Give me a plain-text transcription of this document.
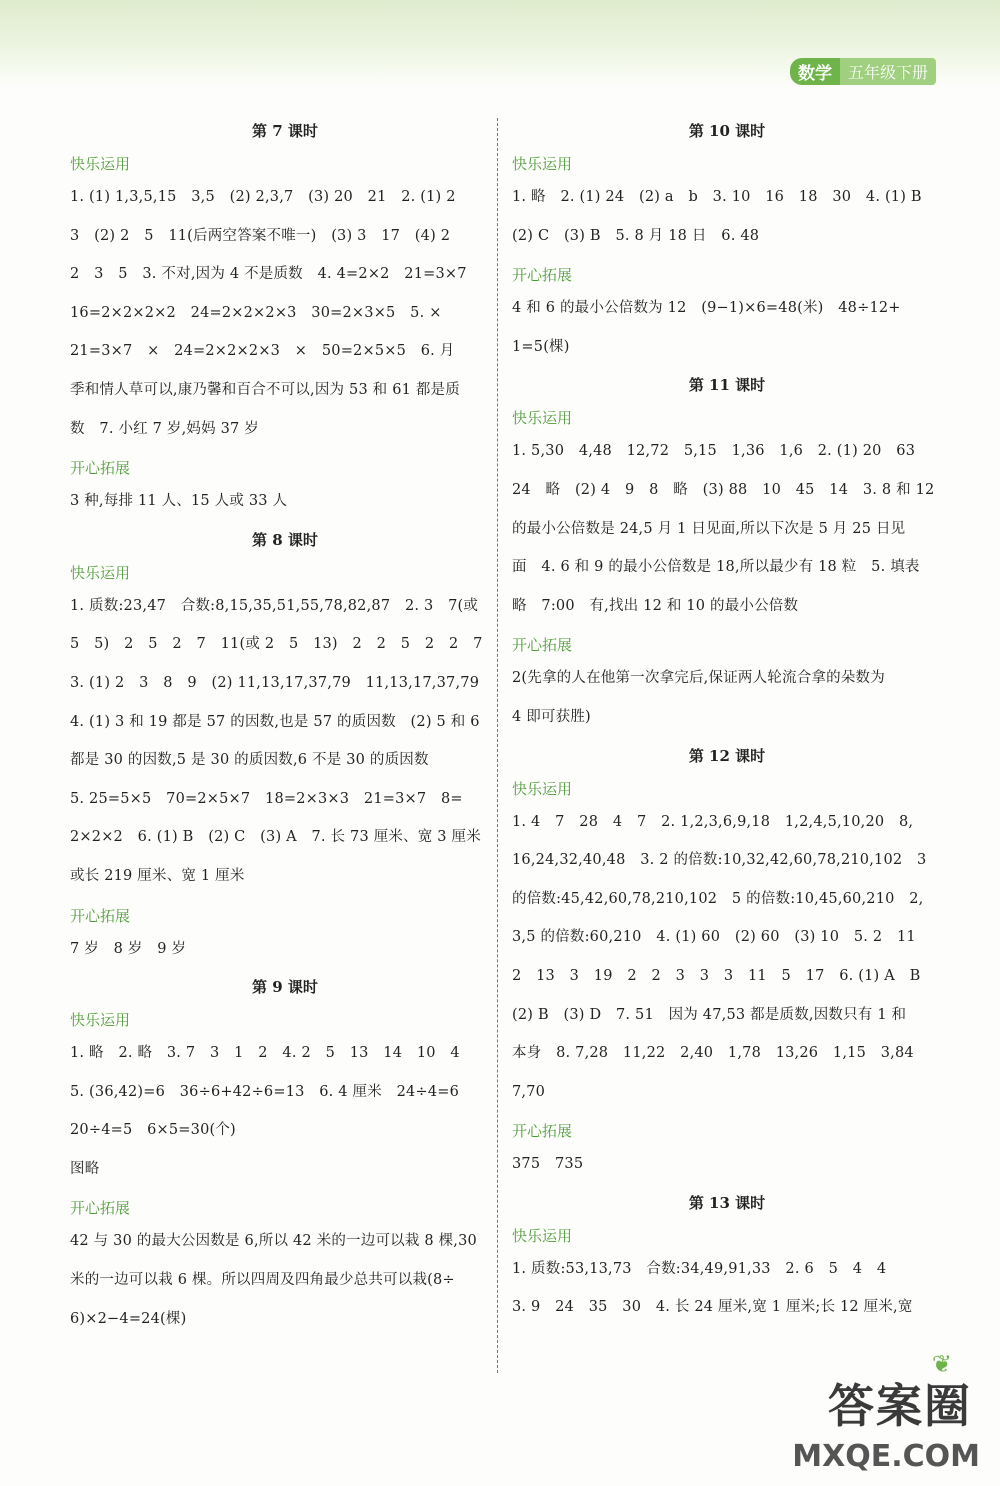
数学	五年级下册
第 7 课时
快乐运用
1. (1) 1,3,5,15　3,5　(2) 2,3,7　(3) 20　21　2. (1) 2
3　(2) 2　5　11(后两空答案不唯一)　(3) 3　17　(4) 2
2　3　5　3. 不对,因为 4 不是质数　4. 4=2×2　21=3×7
16=2×2×2×2　24=2×2×2×3　30=2×3×5　5. ×
21=3×7　×　24=2×2×2×3　×　50=2×5×5　6. 月
季和情人草可以,康乃馨和百合不可以,因为 53 和 61 都是质
数　7. 小红 7 岁,妈妈 37 岁
开心拓展
3 种,每排 11 人、15 人或 33 人
第 8 课时
快乐运用
1. 质数:23,47　合数:8,15,35,51,55,78,82,87　2. 3　7(或
5　5)　2　5　2　7　11(或 2　5　13)　2　2　5　2　2　7
3. (1) 2　3　8　9　(2) 11,13,17,37,79　11,13,17,37,79
4. (1) 3 和 19 都是 57 的因数,也是 57 的质因数　(2) 5 和 6
都是 30 的因数,5 是 30 的质因数,6 不是 30 的质因数
5. 25=5×5　70=2×5×7　18=2×3×3　21=3×7　8=
2×2×2　6. (1) B　(2) C　(3) A　7. 长 73 厘米、宽 3 厘米
或长 219 厘米、宽 1 厘米
开心拓展
7 岁　8 岁　9 岁
第 9 课时
快乐运用
1. 略　2. 略　3. 7　3　1　2　4. 2　5　13　14　10　4
5. (36,42)=6　36÷6+42÷6=13　6. 4 厘米　24÷4=6
20÷4=5　6×5=30(个)
图略
开心拓展
42 与 30 的最大公因数是 6,所以 42 米的一边可以栽 8 棵,30
米的一边可以栽 6 棵。所以四周及四角最少总共可以栽(8÷
6)×2−4=24(棵)
第 10 课时
快乐运用
1. 略　2. (1) 24　(2) a　b　3. 10　16　18　30　4. (1) B
(2) C　(3) B　5. 8 月 18 日　6. 48
开心拓展
4 和 6 的最小公倍数为 12　(9−1)×6=48(米)　48÷12+
1=5(棵)
第 11 课时
快乐运用
1. 5,30　4,48　12,72　5,15　1,36　1,6　2. (1) 20　63
24　略　(2) 4　9　8　略　(3) 88　10　45　14　3. 8 和 12
的最小公倍数是 24,5 月 1 日见面,所以下次是 5 月 25 日见
面　4. 6 和 9 的最小公倍数是 18,所以最少有 18 粒　5. 填表
略　7:00　有,找出 12 和 10 的最小公倍数
开心拓展
2(先拿的人在他第一次拿完后,保证两人轮流合拿的朵数为
4 即可获胜)
第 12 课时
快乐运用
1. 4　7　28　4　7　2. 1,2,3,6,9,18　1,2,4,5,10,20　8,
16,24,32,40,48　3. 2 的倍数:10,32,42,60,78,210,102　3
的倍数:45,42,60,78,210,102　5 的倍数:10,45,60,210　2,
3,5 的倍数:60,210　4. (1) 60　(2) 60　(3) 10　5. 2　11
2　13　3　19　2　2　3　3　3　11　5　17　6. (1) A　B
(2) B　(3) D　7. 51　因为 47,53 都是质数,因数只有 1 和
本身　8. 7,28　11,22　2,40　1,78　13,26　1,15　3,84
7,70
开心拓展
375　735
第 13 课时
快乐运用
1. 质数:53,13,73　合数:34,49,91,33　2. 6　5　4　4
3. 9　24　35　30　4. 长 24 厘米,宽 1 厘米;长 12 厘米,宽
❦
答案圈
MXQE.COM
